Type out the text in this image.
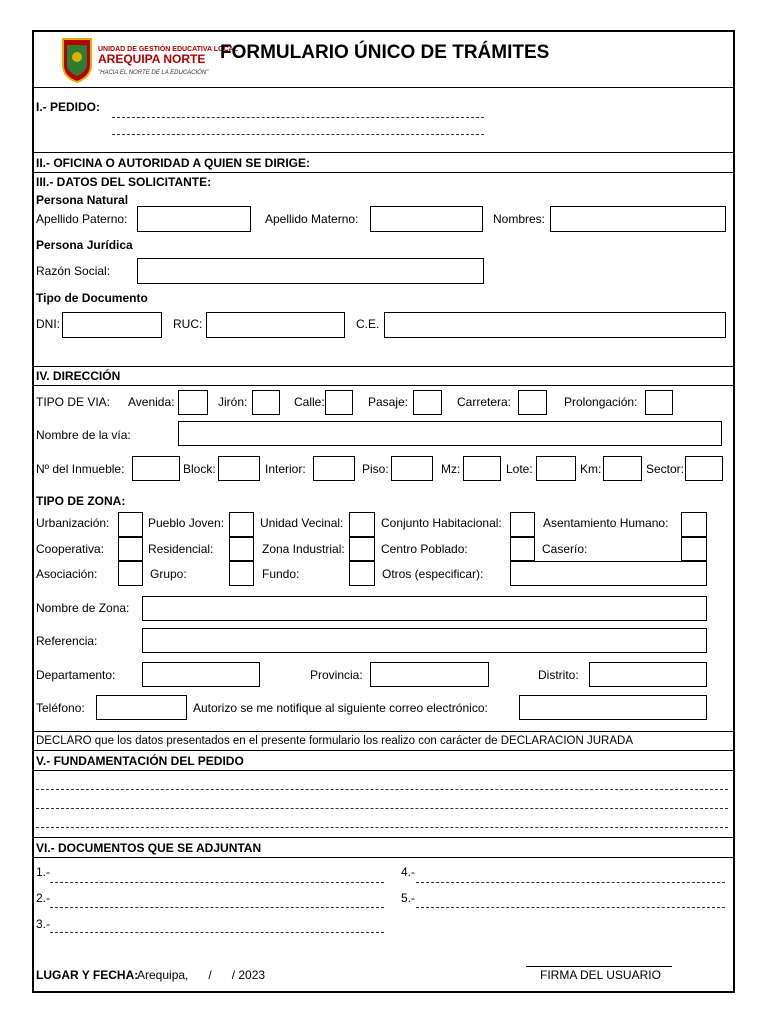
UNIDAD DE GESTIÓN EDUCATIVA LOCAL
AREQUIPA NORTE
"HACIA EL NORTE DE LA EDUCACIÓN"
FORMULARIO ÚNICO DE TRÁMITES
I.- PEDIDO:
II.- OFICINA O AUTORIDAD A QUIEN SE DIRIGE:
III.- DATOS DEL SOLICITANTE:
Persona Natural
Apellido Paterno:	Apellido Materno:	Nombres:
Persona Jurídica
Razón Social:
Tipo de Documento
DNI:	RUC:	C.E.
IV. DIRECCIÓN
TIPO DE VIA: Avenida:	Jirón:	Calle:	Pasaje:	Carretera:	Prolongación:
Nombre de la vía:
Nº del Inmueble:	Block:	Interior:	Piso:	Mz:	Lote:	Km:	Sector:
TIPO DE ZONA:
Urbanización:	Pueblo Joven:	Unidad Vecinal:	Conjunto Habitacional:	Asentamiento Humano:
Cooperativa:	Residencial:	Zona Industrial:	Centro Poblado:	Caserío:
Asociación:	Grupo:	Fundo:	Otros (especificar):
Nombre de Zona:
Referencia:
Departamento:	Provincia:	Distrito:
Teléfono:	Autorizo se me notifique al siguiente correo electrónico:
DECLARO que los datos presentados en el presente formulario los realizo con carácter de DECLARACION JURADA
V.- FUNDAMENTACIÓN DEL PEDIDO
VI.- DOCUMENTOS QUE SE ADJUNTAN
1.-
2.-
3.-
4.-
5.-
LUGAR Y FECHA:
Arequipa,      /      / 2023	FIRMA DEL USUARIO
